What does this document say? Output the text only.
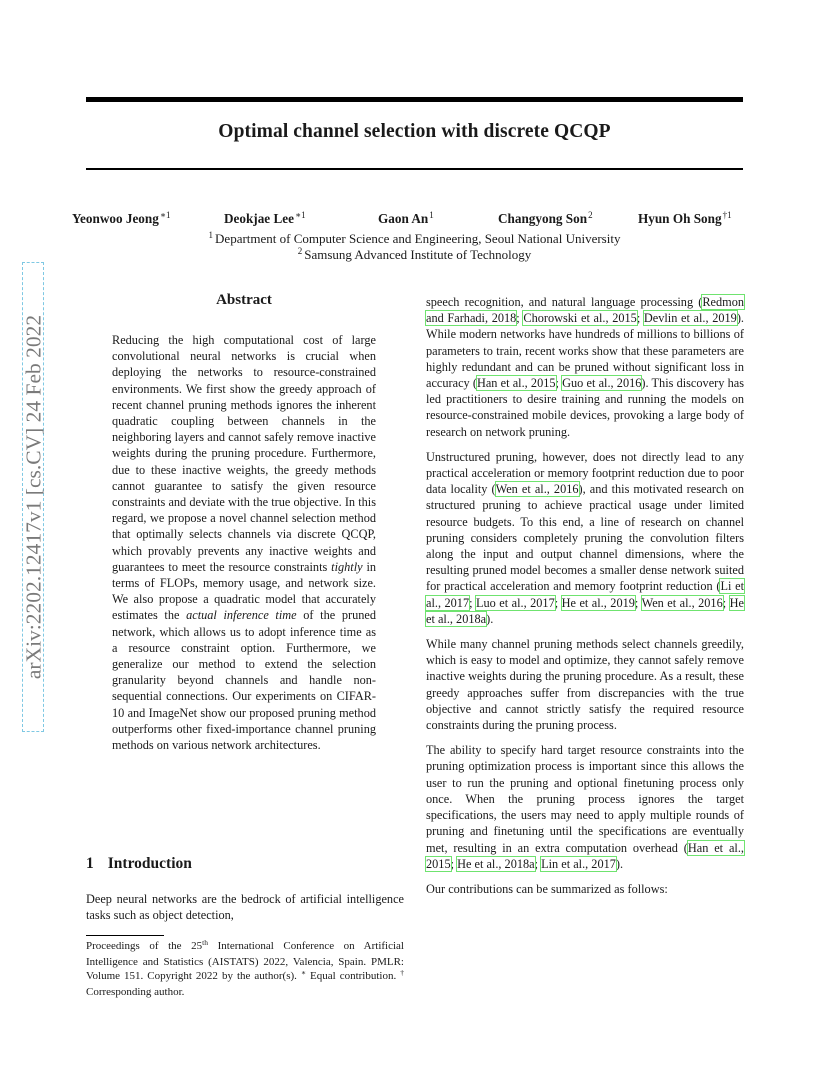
Optimal channel selection with discrete QCQP
Yeonwoo Jeong$^{∗1}$	Deokjae Lee$^{∗1}$	Gaon An$^1$	Changyong Son$^2$	Hyun Oh Song$^{\dagger 1}$
$^1$ Department of Computer Science and Engineering, Seoul National University
$^2$ Samsung Advanced Institute of Technology
arXiv:2202.12417v1 [cs.CV] 24 Feb 2022
Abstract
Reducing the high computational cost of large convolutional neural networks is crucial when deploying the networks to resource-constrained environments. We first show the greedy approach of recent channel pruning methods ignores the inherent quadratic coupling between channels in the neighboring layers and cannot safely remove inactive weights during the pruning procedure. Furthermore, due to these inactive weights, the greedy methods cannot guarantee to satisfy the given resource constraints and deviate with the true objective. In this regard, we propose a novel channel selection method that optimally selects channels via discrete QCQP, which provably prevents any inactive weights and guarantees to meet the resource constraints tightly in terms of FLOPs, memory usage, and network size. We also propose a quadratic model that accurately estimates the actual inference time of the pruned network, which allows us to adopt inference time as a resource constraint option. Furthermore, we generalize our method to extend the selection granularity beyond channels and handle non-sequential connections. Our experiments on CIFAR-10 and ImageNet show our proposed pruning method outperforms other fixed-importance channel pruning methods on various network architectures.
1 Introduction
Deep neural networks are the bedrock of artificial intelligence tasks such as object detection,
Proceedings of the 25th International Conference on Artificial Intelligence and Statistics (AISTATS) 2022, Valencia, Spain. PMLR: Volume 151. Copyright 2022 by the author(s). ∗ Equal contribution. † Corresponding author.

speech recognition, and natural language processing (Redmon and Farhadi, 2018; Chorowski et al., 2015; Devlin et al., 2019). While modern networks have hundreds of millions to billions of parameters to train, recent works show that these parameters are highly redundant and can be pruned without significant loss in accuracy (Han et al., 2015; Guo et al., 2016). This discovery has led practitioners to desire training and running the models on resource-constrained mobile devices, provoking a large body of research on network pruning.

Unstructured pruning, however, does not directly lead to any practical acceleration or memory footprint reduction due to poor data locality (Wen et al., 2016), and this motivated research on structured pruning to achieve practical usage under limited resource budgets. To this end, a line of research on channel pruning considers completely pruning the convolution filters along the input and output channel dimensions, where the resulting pruned model becomes a smaller dense network suited for practical acceleration and memory footprint reduction (Li et al., 2017; Luo et al., 2017; He et al., 2019; Wen et al., 2016; He et al., 2018a).

While many channel pruning methods select channels greedily, which is easy to model and optimize, they cannot safely remove inactive weights during the pruning procedure. As a result, these greedy approaches suffer from discrepancies with the true objective and cannot strictly satisfy the required resource constraints during the pruning process.

The ability to specify hard target resource constraints into the pruning optimization process is important since this allows the user to run the pruning and optional finetuning process only once. When the pruning process ignores the target specifications, the users may need to apply multiple rounds of pruning and finetuning until the specifications are eventually met, resulting in an extra computation overhead (Han et al., 2015; He et al., 2018a; Lin et al., 2017).

Our contributions can be summarized as follows:
